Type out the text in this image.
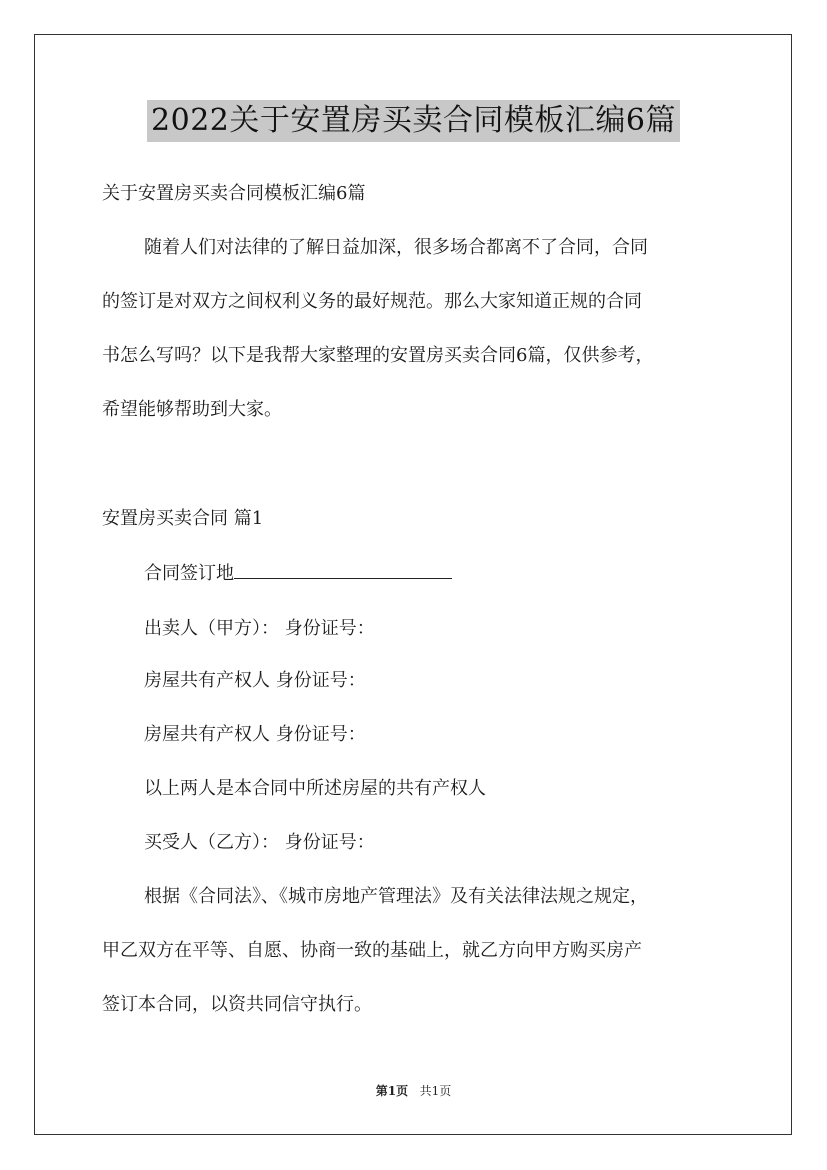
2022关于安置房买卖合同模板汇编6篇
关于安置房买卖合同模板汇编6篇
随着人们对法律的了解日益加深，很多场合都离不了合同，合同
的签订是对双方之间权利义务的最好规范。那么大家知道正规的合同
书怎么写吗？以下是我帮大家整理的安置房买卖合同6篇，仅供参考，
希望能够帮助到大家。
安置房买卖合同 篇1
合同签订地
出卖人（甲方）： 身份证号：
房屋共有产权人 身份证号：
房屋共有产权人 身份证号：
以上两人是本合同中所述房屋的共有产权人
买受人（乙方）： 身份证号：
根据《合同法》、《城市房地产管理法》及有关法律法规之规定，
甲乙双方在平等、自愿、协商一致的基础上，就乙方向甲方购买房产
签订本合同，以资共同信守执行。
第1页 共1页
